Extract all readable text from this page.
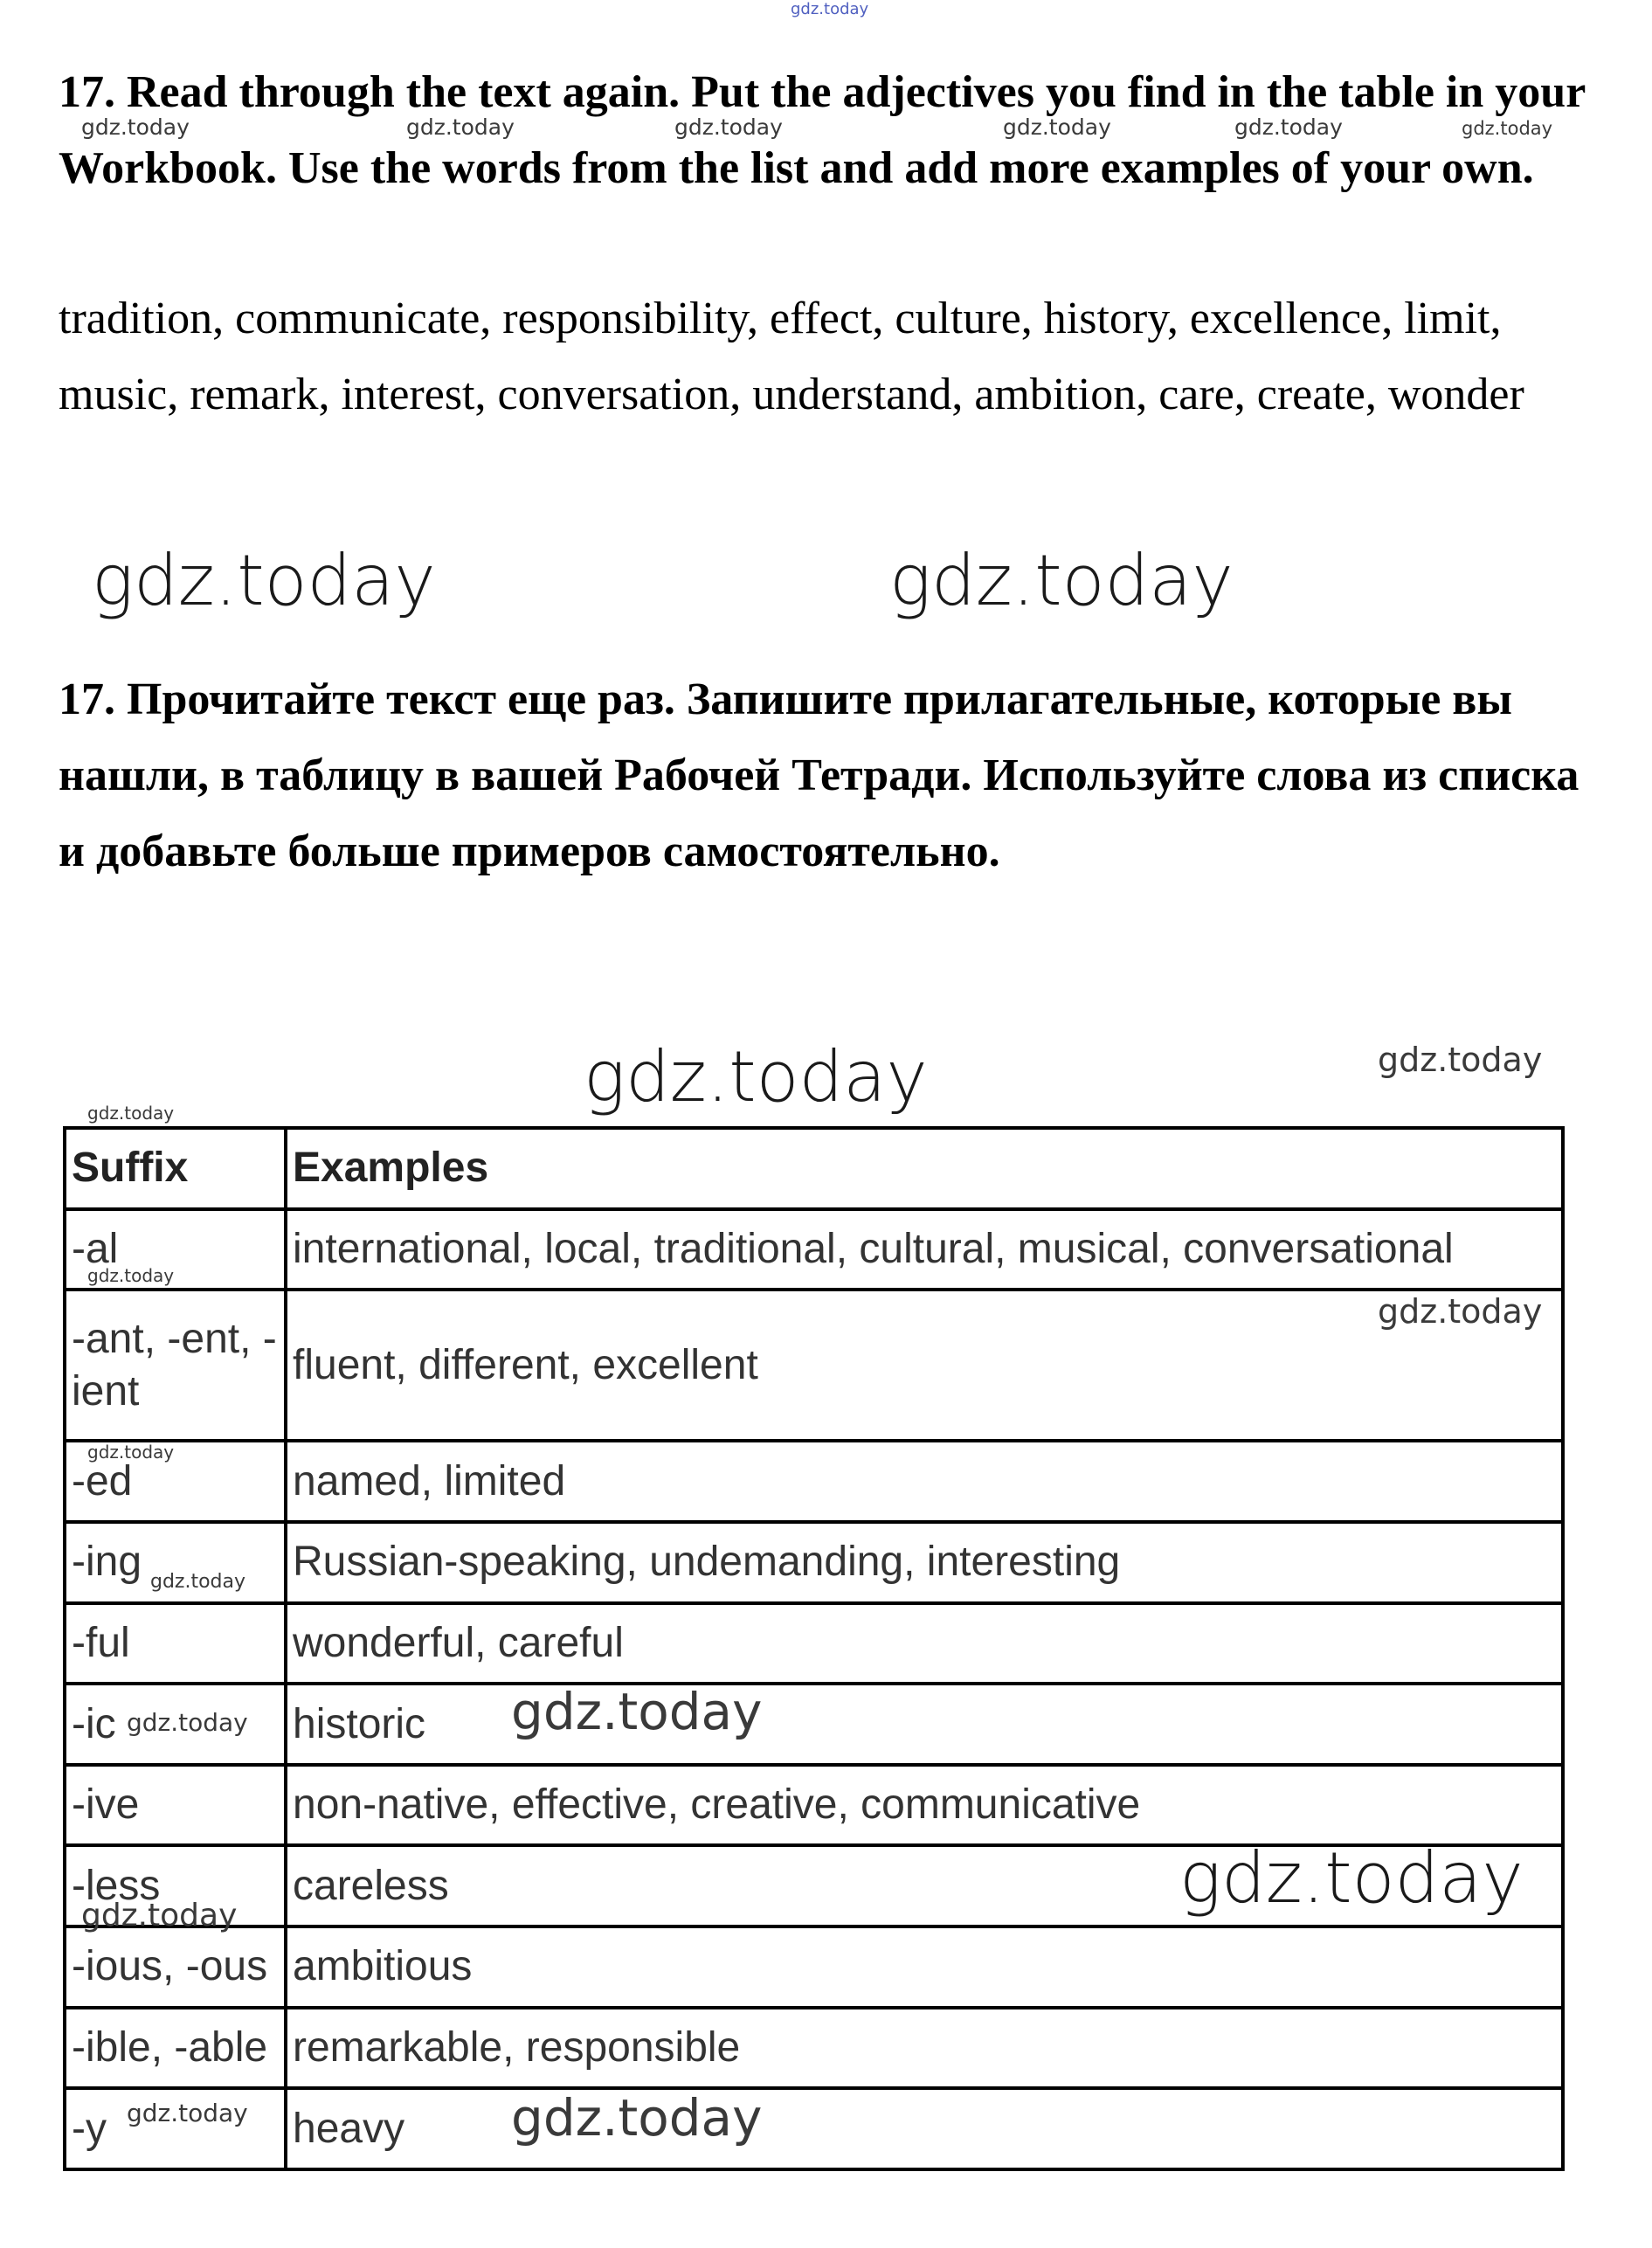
gdz.today
17. Read through the text again. Put the adjectives you find in the table in your Workbook. Use the words from the list and add more examples of your own.
tradition, communicate, responsibility, effect, culture, history, excellence, limit, music, remark, interest, conversation, understand, ambition, care, create, wonder
gdz.today	gdz.today	gdz.today	gdz.today	gdz.today	gdz.today
gdz.today	gdz.today
17. Прочитайте текст еще раз. Запишите прилагательные, которые вы нашли, в таблицу в вашей Рабочей Тетради. Используйте слова из списка и добавьте больше примеров самостоятельно.
gdz.today	gdz.today
gdz.today
Suffix	Examples
-al	international, local, traditional, cultural, musical, conversational
-ant, -ent, - ient	fluent, different, excellent
-ed	named, limited
-ing	Russian-speaking, undemanding, interesting
-ful	wonderful, careful
-ic	historic
-ive	non-native, effective, creative, communicative
-less	careless
-ious, -ous	ambitious
-ible, -able	remarkable, responsible
-y	heavy
gdz.today
gdz.today
gdz.today
gdz.today
gdz.today	gdz.today
gdz.today
gdz.today
gdz.today	gdz.today
